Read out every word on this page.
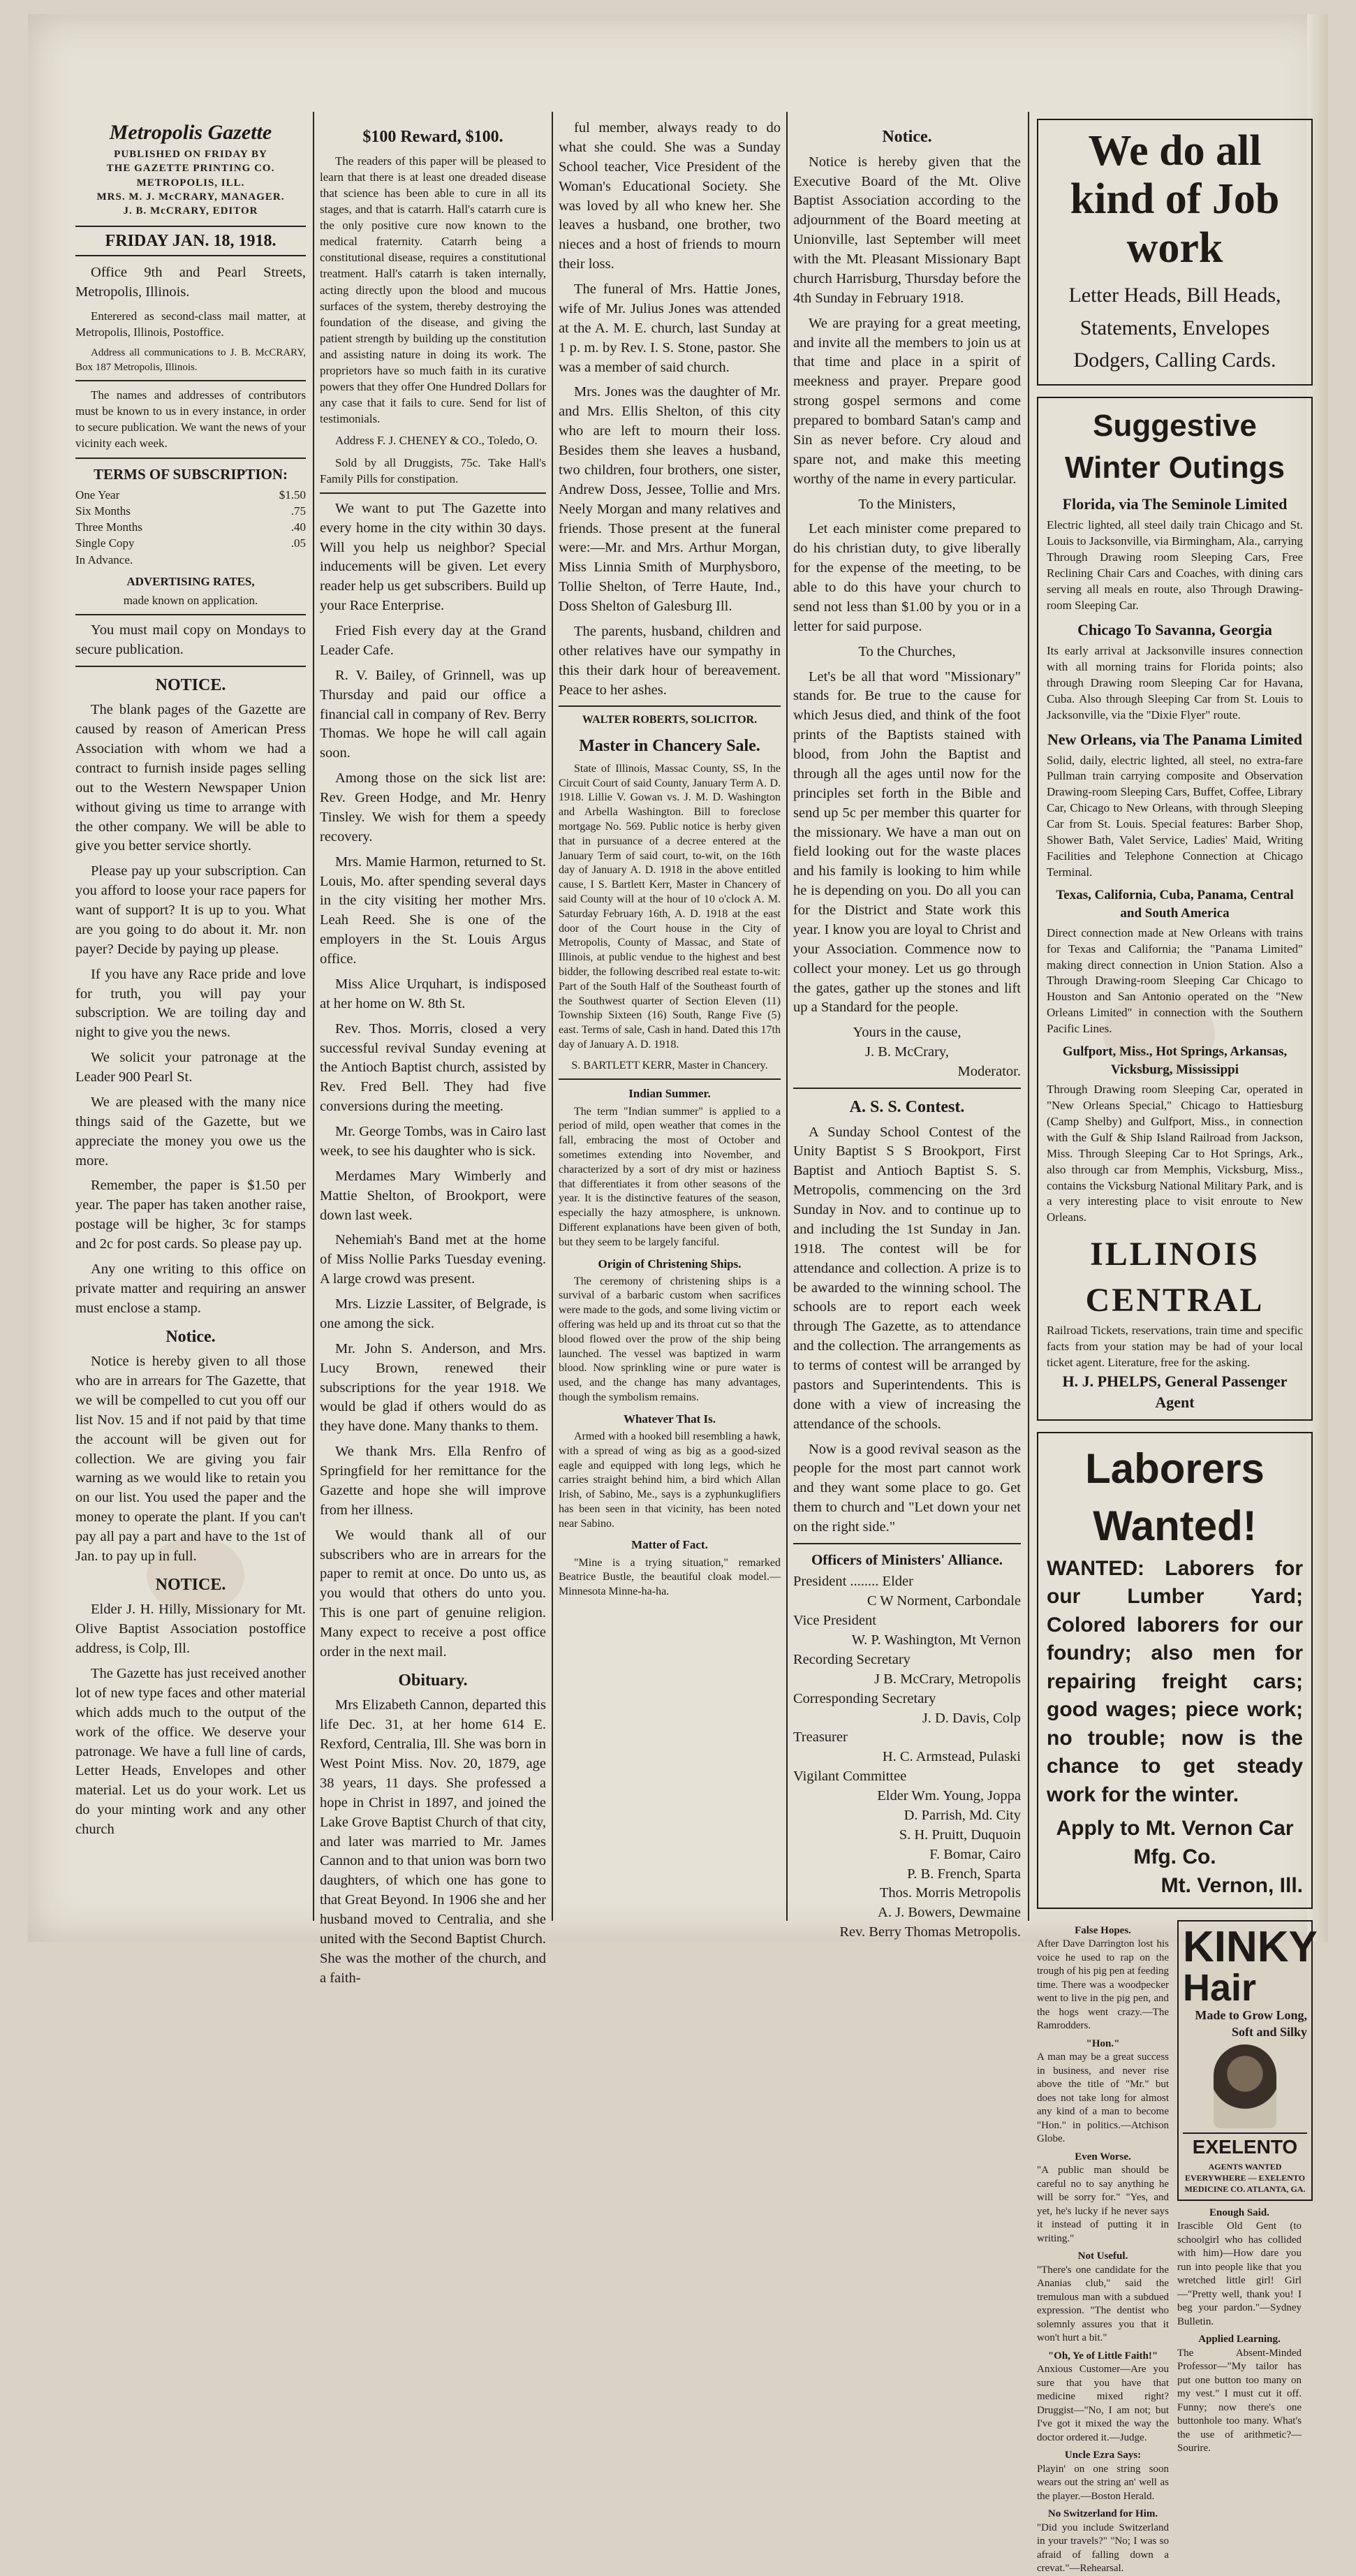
Metropolis Gazette
PUBLISHED ON FRIDAY BY
THE GAZETTE PRINTING CO.
METROPOLIS, ILL.
MRS. M. J. McCRARY, MANAGER.
J. B. McCRARY, EDITOR
FRIDAY JAN. 18, 1918.

Office 9th and Pearl Streets, Metropolis, Illinois.

Enterered as second-class mail matter, at Metropolis, Illinois, Postoffice.

Address all communications to J. B. McCRARY, Box 187 Metropolis, Illinois.

The names and addresses of contributors must be known to us in every instance, in order to secure publication. We want the news of your vicinity each week.

TERMS OF SUBSCRIPTION:
One Year	$1.50
Six Months	.75
Three Months	.40
Single Copy	.05
In Advance.	
ADVERTISING RATES,

made known on application.

You must mail copy on Mondays to secure publication.

NOTICE.

The blank pages of the Gazette are caused by reason of American Press Association with whom we had a contract to furnish inside pages selling out to the Western Newspaper Union without giving us time to arrange with the other company. We will be able to give you better service shortly.

Please pay up your subscription. Can you afford to loose your race papers for want of support? It is up to you. What are you going to do about it. Mr. non payer? Decide by paying up please.

If you have any Race pride and love for truth, you will pay your subscription. We are toiling day and night to give you the news.

We solicit your patronage at the Leader 900 Pearl St.

We are pleased with the many nice things said of the Gazette, but we appreciate the money you owe us the more.

Remember, the paper is $1.50 per year. The paper has taken another raise, postage will be higher, 3c for stamps and 2c for post cards. So please pay up.

Any one writing to this office on private matter and requiring an answer must enclose a stamp.

Notice.

Notice is hereby given to all those who are in arrears for The Gazette, that we will be compelled to cut you off our list Nov. 15 and if not paid by that time the account will be given out for collection. We are giving you fair warning as we would like to retain you on our list. You used the paper and the money to operate the plant. If you can't pay all pay a part and have to the 1st of Jan. to pay up in full.

NOTICE.

Elder J. H. Hilly, Missionary for Mt. Olive Baptist Association postoffice address, is Colp, Ill.

The Gazette has just received another lot of new type faces and other material which adds much to the output of the work of the office. We deserve your patronage. We have a full line of cards, Letter Heads, Envelopes and other material. Let us do your work. Let us do your minting work and any other church

$100 Reward, $100.

The readers of this paper will be pleased to learn that there is at least one dreaded disease that science has been able to cure in all its stages, and that is catarrh. Hall's catarrh cure is the only positive cure now known to the medical fraternity. Catarrh being a constitutional disease, requires a constitutional treatment. Hall's catarrh is taken internally, acting directly upon the blood and mucous surfaces of the system, thereby destroying the foundation of the disease, and giving the patient strength by building up the constitution and assisting nature in doing its work. The proprietors have so much faith in its curative powers that they offer One Hundred Dollars for any case that it fails to cure. Send for list of testimonials.

Address F. J. CHENEY & CO., Toledo, O.

Sold by all Druggists, 75c. Take Hall's Family Pills for constipation.

We want to put The Gazette into every home in the city within 30 days. Will you help us neighbor? Special inducements will be given. Let every reader help us get subscribers. Build up your Race Enterprise.

Fried Fish every day at the Grand Leader Cafe.

R. V. Bailey, of Grinnell, was up Thursday and paid our office a financial call in company of Rev. Berry Thomas. We hope he will call again soon.

Among those on the sick list are: Rev. Green Hodge, and Mr. Henry Tinsley. We wish for them a speedy recovery.

Mrs. Mamie Harmon, returned to St. Louis, Mo. after spending several days in the city visiting her mother Mrs. Leah Reed. She is one of the employers in the St. Louis Argus office.

Miss Alice Urquhart, is indisposed at her home on W. 8th St.

Rev. Thos. Morris, closed a very successful revival Sunday evening at the Antioch Baptist church, assisted by Rev. Fred Bell. They had five conversions during the meeting.

Mr. George Tombs, was in Cairo last week, to see his daughter who is sick.

Merdames Mary Wimberly and Mattie Shelton, of Brookport, were down last week.

Nehemiah's Band met at the home of Miss Nollie Parks Tuesday evening. A large crowd was present.

Mrs. Lizzie Lassiter, of Belgrade, is one among the sick.

Mr. John S. Anderson, and Mrs. Lucy Brown, renewed their subscriptions for the year 1918. We would be glad if others would do as they have done. Many thanks to them.

We thank Mrs. Ella Renfro of Springfield for her remittance for the Gazette and hope she will improve from her illness.

We would thank all of our subscribers who are in arrears for the paper to remit at once. Do unto us, as you would that others do unto you. This is one part of genuine religion. Many expect to receive a post office order in the next mail.

Obituary.

Mrs Elizabeth Cannon, departed this life Dec. 31, at her home 614 E. Rexford, Centralia, Ill. She was born in West Point Miss. Nov. 20, 1879, age 38 years, 11 days. She professed a hope in Christ in 1897, and joined the Lake Grove Baptist Church of that city, and later was married to Mr. James Cannon and to that union was born two daughters, of which one has gone to that Great Beyond. In 1906 she and her husband moved to Centralia, and she united with the Second Baptist Church. She was the mother of the church, and a faith-

ful member, always ready to do what she could. She was a Sunday School teacher, Vice President of the Woman's Educational Society. She was loved by all who knew her. She leaves a husband, one brother, two nieces and a host of friends to mourn their loss.

The funeral of Mrs. Hattie Jones, wife of Mr. Julius Jones was attended at the A. M. E. church, last Sunday at 1 p. m. by Rev. I. S. Stone, pastor. She was a member of said church.

Mrs. Jones was the daughter of Mr. and Mrs. Ellis Shelton, of this city who are left to mourn their loss. Besides them she leaves a husband, two children, four brothers, one sister, Andrew Doss, Jessee, Tollie and Mrs. Neely Morgan and many relatives and friends. Those present at the funeral were:—Mr. and Mrs. Arthur Morgan, Miss Linnia Smith of Murphysboro, Tollie Shelton, of Terre Haute, Ind., Doss Shelton of Galesburg Ill.

The parents, husband, children and other relatives have our sympathy in this their dark hour of bereavement. Peace to her ashes.

WALTER ROBERTS, SOLICITOR.
Master in Chancery Sale.

State of Illinois, Massac County, SS, In the Circuit Court of said County, January Term A. D. 1918. Lillie V. Gowan vs. J. M. D. Washington and Arbella Washington. Bill to foreclose mortgage No. 569. Public notice is herby given that in pursuance of a decree entered at the January Term of said court, to-wit, on the 16th day of January A. D. 1918 in the above entitled cause, I S. Bartlett Kerr, Master in Chancery of said County will at the hour of 10 o'clock A. M. Saturday February 16th, A. D. 1918 at the east door of the Court house in the City of Metropolis, County of Massac, and State of Illinois, at public vendue to the highest and best bidder, the following described real estate to-wit: Part of the South Half of the Southeast fourth of the Southwest quarter of Section Eleven (11) Township Sixteen (16) South, Range Five (5) east. Terms of sale, Cash in hand. Dated this 17th day of January A. D. 1918.

S. BARTLETT KERR, Master in Chancery.

Indian Summer.

The term "Indian summer" is applied to a period of mild, open weather that comes in the fall, embracing the most of October and sometimes extending into November, and characterized by a sort of dry mist or haziness that differentiates it from other seasons of the year. It is the distinctive features of the season, especially the hazy atmosphere, is unknown. Different explanations have been given of both, but they seem to be largely fanciful.

Origin of Christening Ships.

The ceremony of christening ships is a survival of a barbaric custom when sacrifices were made to the gods, and some living victim or offering was held up and its throat cut so that the blood flowed over the prow of the ship being launched. The vessel was baptized in warm blood. Now sprinkling wine or pure water is used, and the change has many advantages, though the symbolism remains.

Whatever That Is.

Armed with a hooked bill resembling a hawk, with a spread of wing as big as a good-sized eagle and equipped with long legs, which he carries straight behind him, a bird which Allan Irish, of Sabino, Me., says is a zyphunkuglifiers has been seen in that vicinity, has been noted near Sabino.

Matter of Fact.

"Mine is a trying situation," remarked Beatrice Bustle, the beautiful cloak model.—Minnesota Minne-ha-ha.

Notice.

Notice is hereby given that the Executive Board of the Mt. Olive Baptist Association according to the adjournment of the Board meeting at Unionville, last September will meet with the Mt. Pleasant Missionary Bapt church Harrisburg, Thursday before the 4th Sunday in February 1918.

We are praying for a great meeting, and invite all the members to join us at that time and place in a spirit of meekness and prayer. Prepare good strong gospel sermons and come prepared to bombard Satan's camp and Sin as never before. Cry aloud and spare not, and make this meeting worthy of the name in every particular.

To the Ministers,

Let each minister come prepared to do his christian duty, to give liberally for the expense of the meeting, to be able to do this have your church to send not less than $1.00 by you or in a letter for said purpose.

To the Churches,

Let's be all that word "Missionary" stands for. Be true to the cause for which Jesus died, and think of the foot prints of the Baptists stained with blood, from John the Baptist and through all the ages until now for the principles set forth in the Bible and send up 5c per member this quarter for the missionary. We have a man out on field looking out for the waste places and his family is looking to him while he is depending on you. Do all you can for the District and State work this year. I know you are loyal to Christ and your Association. Commence now to collect your money. Let us go through the gates, gather up the stones and lift up a Standard for the people.

Yours in the cause,

J. B. McCrary,

Moderator.

A. S. S. Contest.

A Sunday School Contest of the Unity Baptist S S Brookport, First Baptist and Antioch Baptist S. S. Metropolis, commencing on the 3rd Sunday in Nov. and to continue up to and including the 1st Sunday in Jan. 1918. The contest will be for attendance and collection. A prize is to be awarded to the winning school. The schools are to report each week through The Gazette, as to attendance and the collection. The arrangements as to terms of contest will be arranged by pastors and Superintendents. This is done with a view of increasing the attendance of the schools.

Now is a good revival season as the people for the most part cannot work and they want some place to go. Get them to church and "Let down your net on the right side."

Officers of Ministers' Alliance.
President ........ Elder
C W Norment, Carbondale
Vice President
W. P. Washington, Mt Vernon
Recording Secretary
J B. McCrary, Metropolis
Corresponding Secretary
J. D. Davis, Colp
Treasurer
H. C. Armstead, Pulaski
Vigilant Committee
Elder Wm. Young, Joppa
D. Parrish, Md. City
S. H. Pruitt, Duquoin
F. Bomar, Cairo
P. B. French, Sparta
Thos. Morris Metropolis
A. J. Bowers, Dewmaine
Rev. Berry Thomas Metropolis.
We do all kind of Job work
Letter Heads, Bill Heads,
Statements, Envelopes
Dodgers, Calling Cards.
Suggestive Winter Outings
Florida, via The Seminole Limited
Electric lighted, all steel daily train Chicago and St. Louis to Jacksonville, via Birmingham, Ala., carrying Through Drawing room Sleeping Cars, Free Reclining Chair Cars and Coaches, with dining cars serving all meals en route, also Through Drawing-room Sleeping Car.
Chicago To Savanna, Georgia
Its early arrival at Jacksonville insures connection with all morning trains for Florida points; also through Drawing room Sleeping Car for Havana, Cuba. Also through Sleeping Car from St. Louis to Jacksonville, via the "Dixie Flyer" route.
New Orleans, via The Panama Limited
Solid, daily, electric lighted, all steel, no extra-fare Pullman train carrying composite and Observation Drawing-room Sleeping Cars, Buffet, Coffee, Library Car, Chicago to New Orleans, with through Sleeping Car from St. Louis. Special features: Barber Shop, Shower Bath, Valet Service, Ladies' Maid, Writing Facilities and Telephone Connection at Chicago Terminal.
Texas, California, Cuba, Panama, Central and South America
Direct connection made at New Orleans with trains for Texas and California; the "Panama Limited" making direct connection in Union Station. Also a Through Drawing-room Sleeping Car Chicago to Houston and San Antonio operated on the "New Orleans Limited" in connection with the Southern Pacific Lines.
Gulfport, Miss., Hot Springs, Arkansas, Vicksburg, Mississippi
Through Drawing room Sleeping Car, operated in "New Orleans Special," Chicago to Hattiesburg (Camp Shelby) and Gulfport, Miss., in connection with the Gulf & Ship Island Railroad from Jackson, Miss. Through Sleeping Car to Hot Springs, Ark., also through car from Memphis, Vicksburg, Miss., contains the Vicksburg National Military Park, and is a very interesting place to visit enroute to New Orleans.
ILLINOIS CENTRAL
Railroad Tickets, reservations, train time and specific facts from your station may be had of your local ticket agent. Literature, free for the asking.
H. J. PHELPS, General Passenger Agent
Laborers Wanted!
WANTED: Laborers for our Lumber Yard; Colored laborers for our foundry; also men for repairing freight cars; good wages; piece work; no trouble; now is the chance to get steady work for the winter.
Apply to Mt. Vernon Car Mfg. Co.
Mt. Vernon, Ill.
False Hopes.
After Dave Darrington lost his voice he used to rap on the trough of his pig pen at feeding time. There was a woodpecker went to live in the pig pen, and the hogs went crazy.—The Ramrodders.
"Hon."
A man may be a great success in business, and never rise above the title of "Mr." but does not take long for almost any kind of a man to become "Hon." in politics.—Atchison Globe.
Even Worse.
"A public man should be careful no to say anything he will be sorry for." "Yes, and yet, he's lucky if he never says it instead of putting it in writing."
Not Useful.
"There's one candidate for the Ananias club," said the tremulous man with a subdued expression. "The dentist who solemnly assures you that it won't hurt a bit."
"Oh, Ye of Little Faith!"
Anxious Customer—Are you sure that you have that medicine mixed right? Druggist—"No, I am not; but I've got it mixed the way the doctor ordered it.—Judge.
Uncle Ezra Says:
Playin' on one string soon wears out the string an' well as the player.—Boston Herald.
No Switzerland for Him.
"Did you include Switzerland in your travels?" "No; I was so afraid of falling down a crevat."—Rehearsal.
KINKY
Hair
Made to Grow Long, Soft and Silky
EXELENTO
AGENTS WANTED EVERYWHERE — EXELENTO MEDICINE CO. ATLANTA, GA.
Enough Said.
Irascible Old Gent (to schoolgirl who has collided with him)—How dare you run into people like that you wretched little girl! Girl—"Pretty well, thank you! I beg your pardon."—Sydney Bulletin.
Applied Learning.
The Absent-Minded Professor—"My tailor has put one button too many on my vest." I must cut it off. Funny; now there's one buttonhole too many. What's the use of arithmetic?—Sourire.
